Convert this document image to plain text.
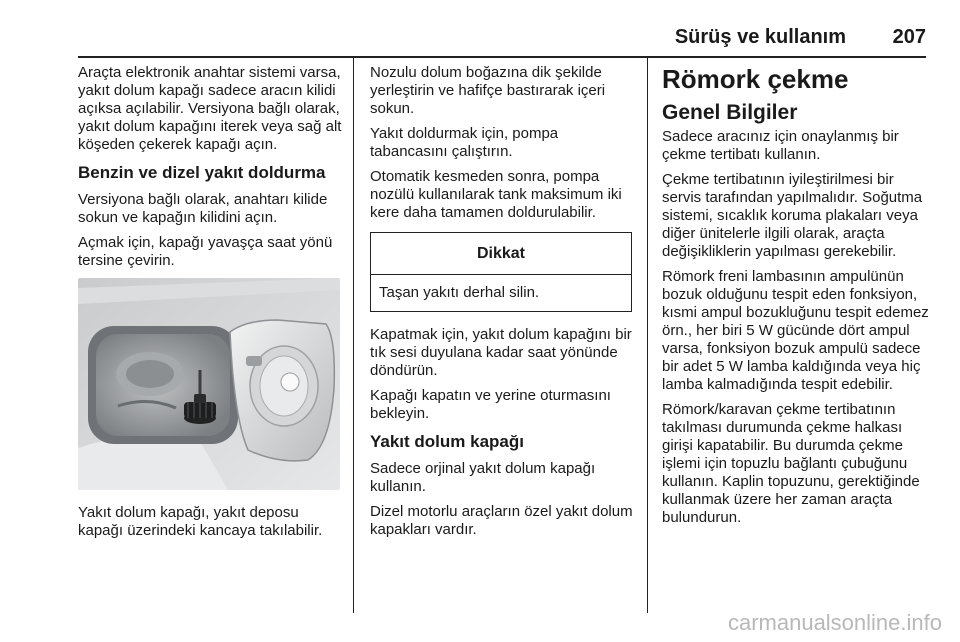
Sürüş ve kullanım 207

Araçta elektronik anahtar sistemi varsa, yakıt dolum kapağı sadece aracın kilidi açıksa açılabilir. Versiyona bağlı olarak, yakıt dolum kapağını iterek veya sağ alt köşeden çekerek kapağı açın.

Benzin ve dizel yakıt doldurma

Versiyona bağlı olarak, anahtarı kilide sokun ve kapağın kilidini açın.

Açmak için, kapağı yavaşça saat yönü tersine çevirin.

Yakıt dolum kapağı, yakıt deposu kapağı üzerindeki kancaya takılabilir.

Nozulu dolum boğazına dik şekilde yerleştirin ve hafifçe bastırarak içeri sokun.

Yakıt doldurmak için, pompa tabancasını çalıştırın.

Otomatik kesmeden sonra, pompa nozülü kullanılarak tank maksimum iki kere daha tamamen doldurulabilir.

Dikkat
Taşan yakıtı derhal silin.

Kapatmak için, yakıt dolum kapağını bir tık sesi duyulana kadar saat yönünde döndürün.

Kapağı kapatın ve yerine oturmasını bekleyin.

Yakıt dolum kapağı

Sadece orjinal yakıt dolum kapağı kullanın.

Dizel motorlu araçların özel yakıt dolum kapakları vardır.

Römork çekme
Genel Bilgiler

Sadece aracınız için onaylanmış bir çekme tertibatı kullanın.

Çekme tertibatının iyileştirilmesi bir servis tarafından yapılmalıdır. Soğutma sistemi, sıcaklık koruma plakaları veya diğer ünitelerle ilgili olarak, araçta değişikliklerin yapılması gerekebilir.

Römork freni lambasının ampulünün bozuk olduğunu tespit eden fonksiyon, kısmi ampul bozukluğunu tespit edemez örn., her biri 5 W gücünde dört ampul varsa, fonksiyon bozuk ampulü sadece bir adet 5 W lamba kaldığında veya hiç lamba kalmadığında tespit edebilir.

Römork/karavan çekme tertibatının takılması durumunda çekme halkası girişi kapatabilir. Bu durumda çekme işlemi için topuzlu bağlantı çubuğunu kullanın. Kaplin topuzunu, gerektiğinde kullanmak üzere her zaman araçta bulundurun.

carmanualsonline.info
